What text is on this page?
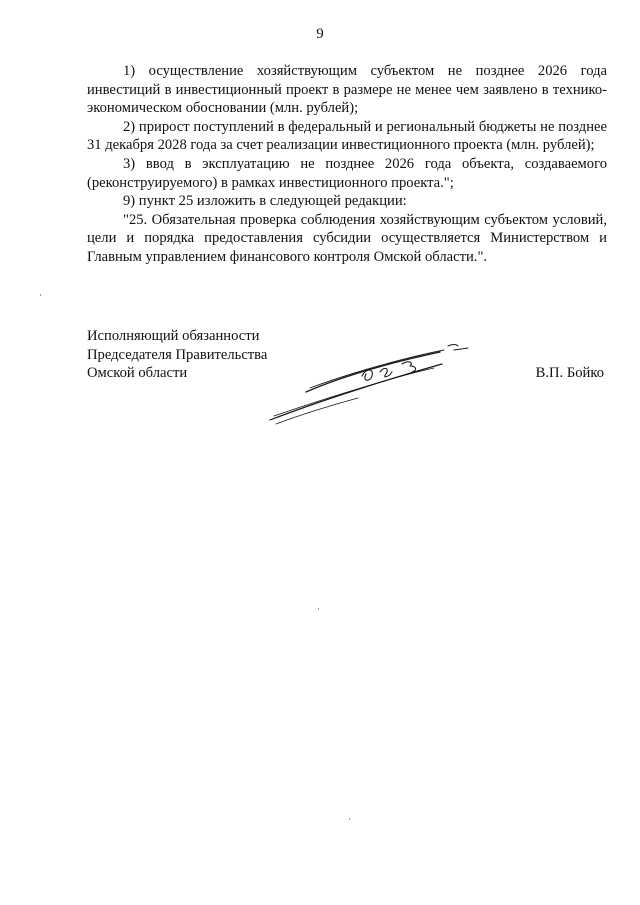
9

1) осуществление хозяйствующим субъектом не позднее 2026 года инвестиций в инвестиционный проект в размере не менее чем заявлено в технико-экономическом обосновании (млн. рублей);

2) прирост поступлений в федеральный и региональный бюджеты не позднее 31 декабря 2028 года за счет реализации инвестиционного проекта (млн. рублей);

3) ввод в эксплуатацию не позднее 2026 года объекта, создаваемого (реконструируемого) в рамках инвестиционного проекта.";

9) пункт 25 изложить в следующей редакции:

"25. Обязательная проверка соблюдения хозяйствующим субъектом условий, цели и порядка предоставления субсидии осуществляется Министерством и Главным управлением финансового контроля Омской области.".

Исполняющий обязанности
Председателя Правительства
Омской области	В.П. Бойко
